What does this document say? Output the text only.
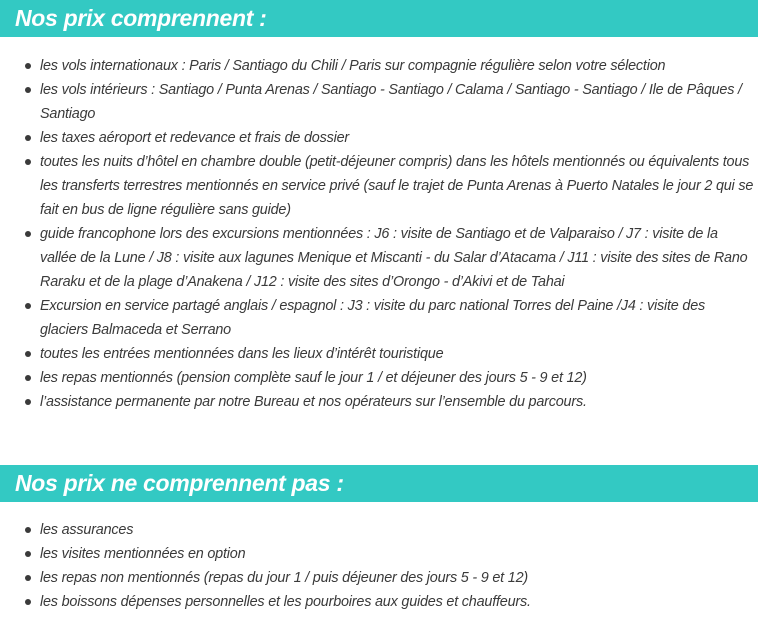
Nos prix comprennent :
les vols internationaux : Paris / Santiago du Chili / Paris sur compagnie régulière selon votre sélection
les vols intérieurs : Santiago / Punta Arenas / Santiago - Santiago / Calama / Santiago - Santiago / Ile de Pâques / Santiago
les taxes aéroport et redevance et frais de dossier
toutes les nuits d’hôtel en chambre double (petit-déjeuner compris) dans les hôtels mentionnés ou équivalents tous les transferts terrestres mentionnés en service privé (sauf le trajet de Punta Arenas à Puerto Natales le jour 2 qui se fait en bus de ligne régulière sans guide)
guide francophone lors des excursions mentionnées : J6 : visite de Santiago et de Valparaiso / J7 : visite de la vallée de la Lune / J8 : visite aux lagunes Menique et Miscanti - du Salar d’Atacama / J11 : visite des sites de Rano Raraku et de la plage d’Anakena / J12 : visite des sites d’Orongo - d’Akivi et de Tahai
Excursion en service partagé anglais / espagnol : J3 : visite du parc national Torres del Paine /J4 : visite des glaciers Balmaceda et Serrano
toutes les entrées mentionnées dans les lieux d’intérêt touristique
les repas mentionnés (pension complète sauf le jour 1 / et déjeuner des jours 5 - 9 et 12)
l’assistance permanente par notre Bureau et nos opérateurs sur l’ensemble du parcours.
Nos prix ne comprennent pas :
les assurances
les visites mentionnées en option
les repas non mentionnés (repas du jour 1 / puis déjeuner des jours 5 - 9 et 12)
les boissons dépenses personnelles et les pourboires aux guides et chauffeurs.
